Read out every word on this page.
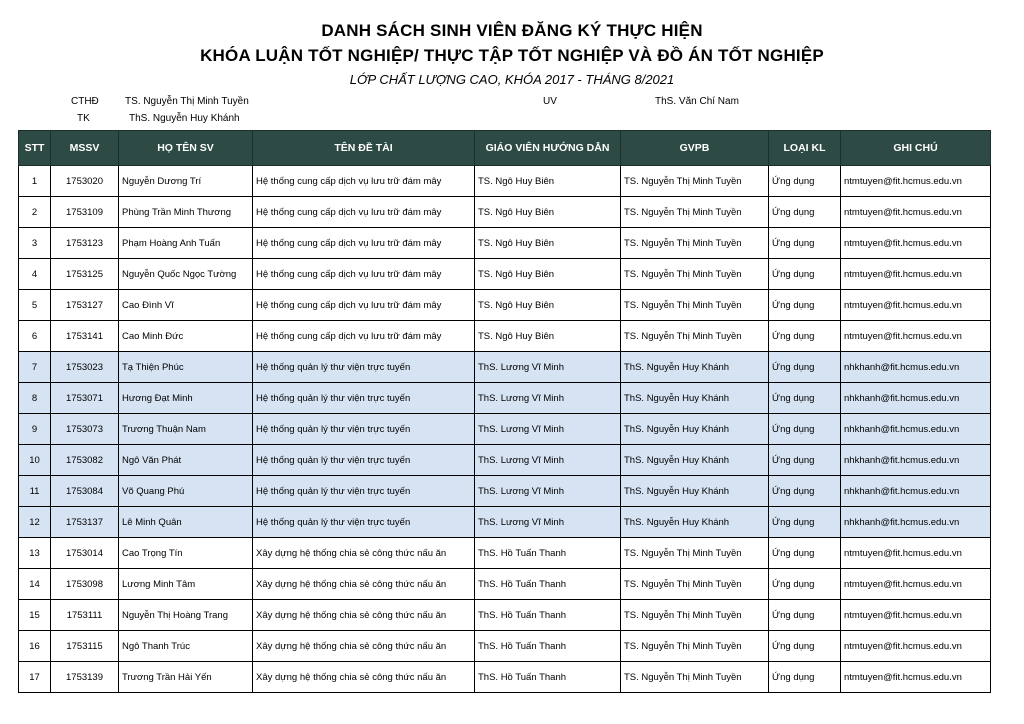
DANH SÁCH SINH VIÊN ĐĂNG KÝ THỰC HIỆN
KHÓA LUẬN TỐT NGHIỆP/ THỰC TẬP TỐT NGHIỆP VÀ ĐỒ ÁN TỐT NGHIỆP
LỚP CHẤT LƯỢNG CAO, KHÓA 2017 - THÁNG 8/2021
CTHĐ	TS. Nguyễn Thị Minh Tuyền	UV	ThS. Văn Chí Nam
TK	ThS. Nguyễn Huy Khánh
STT	MSSV	HỌ TÊN SV	TÊN ĐỀ TÀI	GIÁO VIÊN HƯỚNG DẪN	GVPB	LOẠI KL	GHI CHÚ
1	1753020	Nguyễn Dương Trí	Hệ thống cung cấp dịch vụ lưu trữ đám mây	TS. Ngô Huy Biên	TS. Nguyễn Thị Minh Tuyền	Ứng dụng	ntmtuyen@fit.hcmus.edu.vn
2	1753109	Phùng Trần Minh Thương	Hệ thống cung cấp dịch vụ lưu trữ đám mây	TS. Ngô Huy Biên	TS. Nguyễn Thị Minh Tuyền	Ứng dụng	ntmtuyen@fit.hcmus.edu.vn
3	1753123	Phạm Hoàng Anh Tuấn	Hệ thống cung cấp dịch vụ lưu trữ đám mây	TS. Ngô Huy Biên	TS. Nguyễn Thị Minh Tuyền	Ứng dụng	ntmtuyen@fit.hcmus.edu.vn
4	1753125	Nguyễn Quốc Ngọc Tường	Hệ thống cung cấp dịch vụ lưu trữ đám mây	TS. Ngô Huy Biên	TS. Nguyễn Thị Minh Tuyền	Ứng dụng	ntmtuyen@fit.hcmus.edu.vn
5	1753127	Cao Đình Vĩ	Hệ thống cung cấp dịch vụ lưu trữ đám mây	TS. Ngô Huy Biên	TS. Nguyễn Thị Minh Tuyền	Ứng dụng	ntmtuyen@fit.hcmus.edu.vn
6	1753141	Cao Minh Đức	Hệ thống cung cấp dịch vụ lưu trữ đám mây	TS. Ngô Huy Biên	TS. Nguyễn Thị Minh Tuyền	Ứng dụng	ntmtuyen@fit.hcmus.edu.vn
7	1753023	Tạ Thiện Phúc	Hệ thống quản lý thư viện trực tuyến	ThS. Lương Vĩ Minh	ThS. Nguyễn Huy Khánh	Ứng dụng	nhkhanh@fit.hcmus.edu.vn
8	1753071	Hương Đạt Minh	Hệ thống quản lý thư viện trực tuyến	ThS. Lương Vĩ Minh	ThS. Nguyễn Huy Khánh	Ứng dụng	nhkhanh@fit.hcmus.edu.vn
9	1753073	Trương Thuận Nam	Hệ thống quản lý thư viện trực tuyến	ThS. Lương Vĩ Minh	ThS. Nguyễn Huy Khánh	Ứng dụng	nhkhanh@fit.hcmus.edu.vn
10	1753082	Ngô Văn Phát	Hệ thống quản lý thư viện trực tuyến	ThS. Lương Vĩ Minh	ThS. Nguyễn Huy Khánh	Ứng dụng	nhkhanh@fit.hcmus.edu.vn
11	1753084	Võ Quang Phú	Hệ thống quản lý thư viện trực tuyến	ThS. Lương Vĩ Minh	ThS. Nguyễn Huy Khánh	Ứng dụng	nhkhanh@fit.hcmus.edu.vn
12	1753137	Lê Minh Quân	Hệ thống quản lý thư viện trực tuyến	ThS. Lương Vĩ Minh	ThS. Nguyễn Huy Khánh	Ứng dụng	nhkhanh@fit.hcmus.edu.vn
13	1753014	Cao Trọng Tín	Xây dựng hệ thống chia sẻ công thức nấu ăn	ThS. Hồ Tuấn Thanh	TS. Nguyễn Thị Minh Tuyền	Ứng dụng	ntmtuyen@fit.hcmus.edu.vn
14	1753098	Lương Minh Tâm	Xây dựng hệ thống chia sẻ công thức nấu ăn	ThS. Hồ Tuấn Thanh	TS. Nguyễn Thị Minh Tuyền	Ứng dụng	ntmtuyen@fit.hcmus.edu.vn
15	1753111	Nguyễn Thị Hoàng Trang	Xây dựng hệ thống chia sẻ công thức nấu ăn	ThS. Hồ Tuấn Thanh	TS. Nguyễn Thị Minh Tuyền	Ứng dụng	ntmtuyen@fit.hcmus.edu.vn
16	1753115	Ngô Thanh Trúc	Xây dựng hệ thống chia sẻ công thức nấu ăn	ThS. Hồ Tuấn Thanh	TS. Nguyễn Thị Minh Tuyền	Ứng dụng	ntmtuyen@fit.hcmus.edu.vn
17	1753139	Trương Trần Hải Yến	Xây dựng hệ thống chia sẻ công thức nấu ăn	ThS. Hồ Tuấn Thanh	TS. Nguyễn Thị Minh Tuyền	Ứng dụng	ntmtuyen@fit.hcmus.edu.vn
